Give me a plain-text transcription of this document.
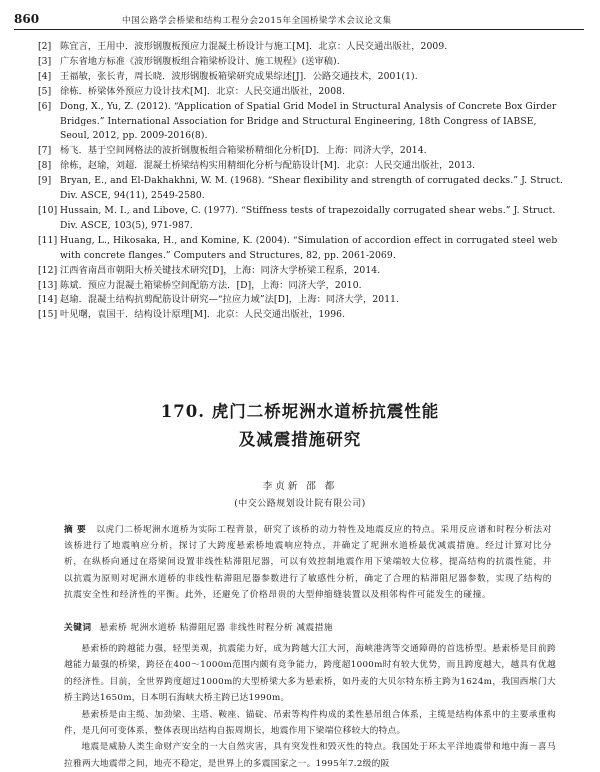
860	中国公路学会桥梁和结构工程分会2015年全国桥梁学术会议论文集
[2] 陈宜言，王用中．波形钢腹板预应力混凝土桥设计与施工[M]．北京：人民交通出版社，2009.
[3] 广东省地方标准《波形钢腹板组合箱梁桥设计、施工规程》(送审稿).
[4] 王福敏，张长青，周长晓．波形钢腹板箱梁研究成果综述[J]．公路交通技术，2001(1).
[5] 徐栋．桥梁体外预应力设计技术[M]．北京：人民交通出版社，2008.
[6] Dong, X., Yu, Z. (2012). “Application of Spatial Grid Model in Structural Analysis of Concrete Box Girder Bridges.” International Association for Bridge and Structural Engineering, 18th Congress of IABSE, Seoul, 2012, pp. 2009-2016(8).
[7] 杨飞．基于空间网格法的波折钢腹板组合箱梁桥精细化分析[D]．上海：同济大学，2014.
[8] 徐栋，赵瑜，刘超．混凝土桥梁结构实用精细化分析与配筋设计[M]．北京：人民交通出版社，2013.
[9] Bryan, E., and El-Dakhakhni, W. M. (1968). “Shear flexibility and strength of corrugated decks.” J. Struct. Div. ASCE, 94(11), 2549-2580.
[10] Hussain, M. I., and Libove, C. (1977). “Stiffness tests of trapezoidally corrugated shear webs.” J. Struct. Div. ASCE, 103(5), 971-987.
[11] Huang, L., Hikosaka, H., and Komine, K. (2004). “Simulation of accordion effect in corrugated steel web with concrete flanges.” Computers and Structures, 82, pp. 2061-2069.
[12] 江西省南昌市朝阳大桥关键技术研究[D]，上海：同济大学桥梁工程系，2014.
[13] 陈斌．预应力混凝土箱梁桥空间配筋方法．[D]，上海：同济大学，2010.
[14] 赵瑜．混凝土结构抗剪配筋设计研究—“拉应力域”法[D]，上海：同济大学，2011.
[15] 叶见曙，袁国干．结构设计原理[M]．北京：人民交通出版社，1996.
170. 虎门二桥坭洲水道桥抗震性能
及减震措施研究
李贞新 邵 都
(中交公路规划设计院有限公司)
摘 要 以虎门二桥坭洲水道桥为实际工程背景，研究了该桥的动力特性及地震反应的特点。采用反应谱和时程分析法对该桥进行了地震响应分析，探讨了大跨度悬索桥地震响应特点，并确定了坭洲水道桥最优减震措施。经过计算对比分析，在纵桥向通过在塔梁间设置非线性粘滞阻尼器，可以有效控制地震作用下梁端较大位移，提高结构的抗震性能，并以抗震为原则对坭洲水道桥的非线性粘滞阻尼器参数进行了敏感性分析，确定了合理的粘滞阻尼器参数，实现了结构的抗震安全性和经济性的平衡。此外，还避免了价格昂贵的大型伸缩缝装置以及相邻构件可能发生的碰撞。
关键词 悬索桥 坭洲水道桥 粘滞阻尼器 非线性时程分析 减震措施

悬索桥的跨越能力强，轻型美观，抗震能力好，成为跨越大江大河，海峡港湾等交通障碍的首选桥型。悬索桥是目前跨越能力最强的桥梁，跨径在400～1000m范围内颇有竞争能力，跨度超1000m时有较大优势，而且跨度越大，越具有优越的经济性。目前，全世界跨度超过1000m的大型桥梁大多为悬索桥，如丹麦的大贝尔特东桥主跨为1624m，我国西堠门大桥主跨达1650m，日本明石海峡大桥主跨已达1990m。

悬索桥是由主缆、加劲梁、主塔、鞍座、锚碇、吊索等构件构成的柔性悬吊组合体系，主缆是结构体系中的主要承重构件，是几何可变体系，整体表现出结构自振周期长，地震作用下梁端位移较大的特点。

地震是威胁人类生命财产安全的一大自然灾害，具有突发性和毁灭性的特点。我国处于环太平洋地震带和地中海－喜马拉雅两大地震带之间，地壳不稳定，是世界上的多震国家之一。1995年7.2级的阪
